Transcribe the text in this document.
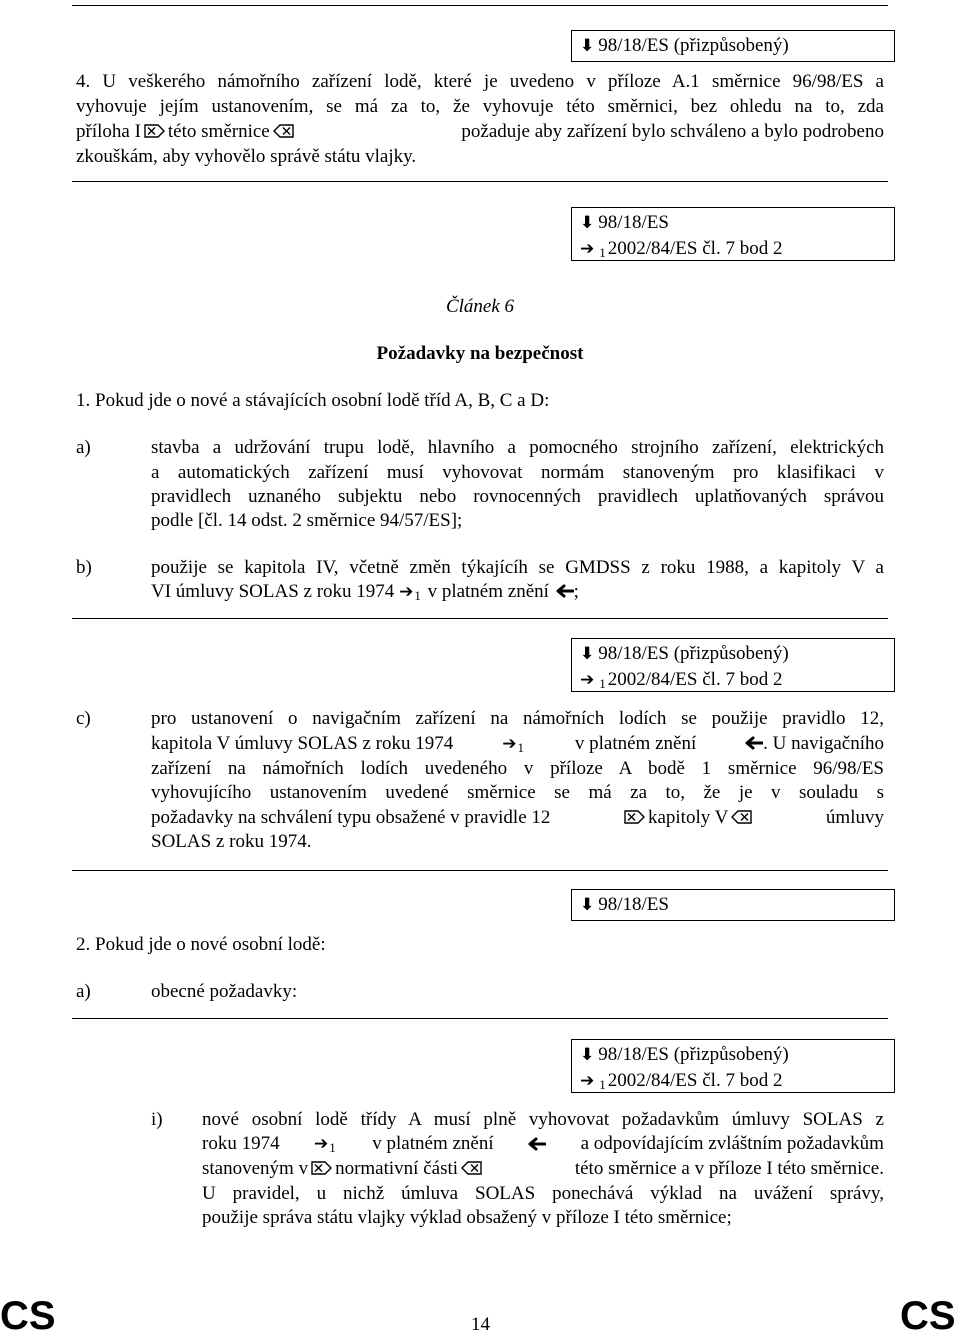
⬇ 98/18/ES (přizpůsobený)
4. U veškerého námořního zařízení lodě, které je uvedeno v příloze A.1 směrnice 96/98/ES a
vyhovuje jejím ustanovením, se má za to, že vyhovuje této směrnici, bez ohledu na to, zda
příloha I této směrnice	požaduje aby zařízení bylo schváleno a bylo podrobeno
zkouškám, aby vyhovělo správě státu vlajky.
⬇ 98/18/ES
➔ $_1$ 2002/84/ES čl. 7 bod 2
Článek 6
Požadavky na bezpečnost
1. Pokud jde o nové a stávajících osobní lodě tříd A, B, C a D:
a)	stavba a udržování trupu lodě, hlavního a pomocného strojního zařízení, elektrických
a automatických zařízení musí vyhovovat normám stanoveným pro klasifikaci v
pravidlech uznaného subjektu nebo rovnocenných pravidlech uplatňovaných správou
podle [čl. 14 odst. 2 směrnice 94/57/ES];
b)	použije se kapitola IV, včetně změn týkajícíh se GMDSS z roku 1988, a kapitoly V a
VI úmluvy SOLAS z roku 1974 $➔_1$ v platném znění ;
⬇ 98/18/ES (přizpůsobený)
➔ $_1$ 2002/84/ES čl. 7 bod 2
c)	pro ustanovení o navigačním zařízení na námořních lodích se použije pravidlo 12,
kapitola V úmluvy SOLAS z roku 1974	$➔_1$	v platném znění	. U navigačního
zařízení na námořních lodích uvedeného v příloze A bodě 1 směrnice 96/98/ES
vyhovujícího ustanovením uvedené směrnice se má za to, že je v souladu s
požadavky na schválení typu obsažené v pravidle 12	kapitoly V	úmluvy
SOLAS z roku 1974.
⬇ 98/18/ES
2. Pokud jde o nové osobní lodě:
a)	obecné požadavky:
⬇ 98/18/ES (přizpůsobený)
➔ $_1$ 2002/84/ES čl. 7 bod 2
i) nové osobní lodě třídy A musí plně vyhovovat požadavkům úmluvy SOLAS z
roku 1974 $➔_1$ v platném znění	a odpovídajícím zvláštním požadavkům
stanoveným v normativní části	této směrnice a v příloze I této směrnice.
U pravidel, u nichž úmluva SOLAS ponechává výklad na uvážení správy,
použije správa státu vlajky výklad obsažený v příloze I této směrnice;
CS	14	CS
